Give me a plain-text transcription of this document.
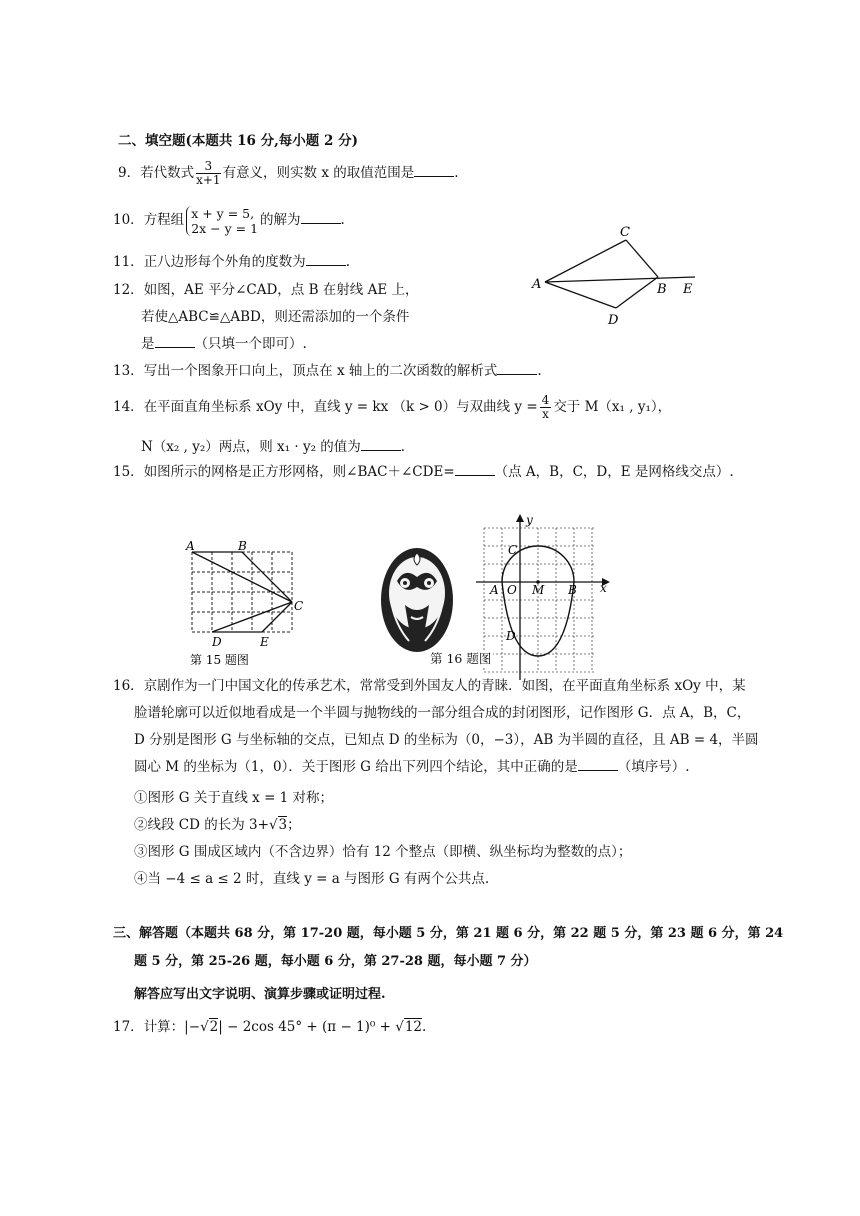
二、填空题(本题共 16 分,每小题 2 分)
9．若代数式 $\frac{3}{x+1}$ 有意义，则实数 x 的取值范围是	.
10．方程组 x + y = 5,
2x − y = 1 的解为	.
11．正八边形每个外角的度数为	.
12．如图，AE 平分∠CAD，点 B 在射线 AE 上，
若使△ABC≌△ABD，则还需添加的一个条件
是	（只填一个即可）.
A
C
B E
D
13．写出一个图象开口向上，顶点在 x 轴上的二次函数的解析式	.
14．在平面直角坐标系 xOy 中，直线 y = kx （k > 0）与双曲线 $y = \frac{4}{x}$ 交于 M（x₁ , y₁），
N（x₂ , y₂）两点，则 x₁ · y₂ 的值为	.
15．如图所示的网格是正方形网格，则∠BAC＋∠CDE=	（点 A，B，C，D，E 是网格线交点）.
A	B
C
D	E
第 15 题图
y
x
C
A O M B
D
第 16 题图
16．京剧作为一门中国文化的传承艺术，常常受到外国友人的青睐．如图，在平面直角坐标系 xOy 中，某
脸谱轮廓可以近似地看成是一个半圆与抛物线的一部分组合成的封闭图形，记作图形 G．点 A，B，C，
D 分别是图形 G 与坐标轴的交点，已知点 D 的坐标为（0，−3），AB 为半圆的直径，且 AB = 4，半圆
圆心 M 的坐标为（1，0）．关于图形 G 给出下列四个结论，其中正确的是	（填序号）.
①图形 G 关于直线 x = 1 对称；
②线段 CD 的长为 3+√3；
③图形 G 围成区域内（不含边界）恰有 12 个整点（即横、纵坐标均为整数的点）；
④当 −4 ≤ a ≤ 2 时，直线 y = a 与图形 G 有两个公共点.
三、解答题（本题共 68 分，第 17-20 题，每小题 5 分，第 21 题 6 分，第 22 题 5 分，第 23 题 6 分，第 24
题 5 分，第 25-26 题，每小题 6 分，第 27-28 题，每小题 7 分）
解答应写出文字说明、演算步骤或证明过程.
17．计算：|−√2| − 2cos 45° + (π − 1)⁰ + √12.
